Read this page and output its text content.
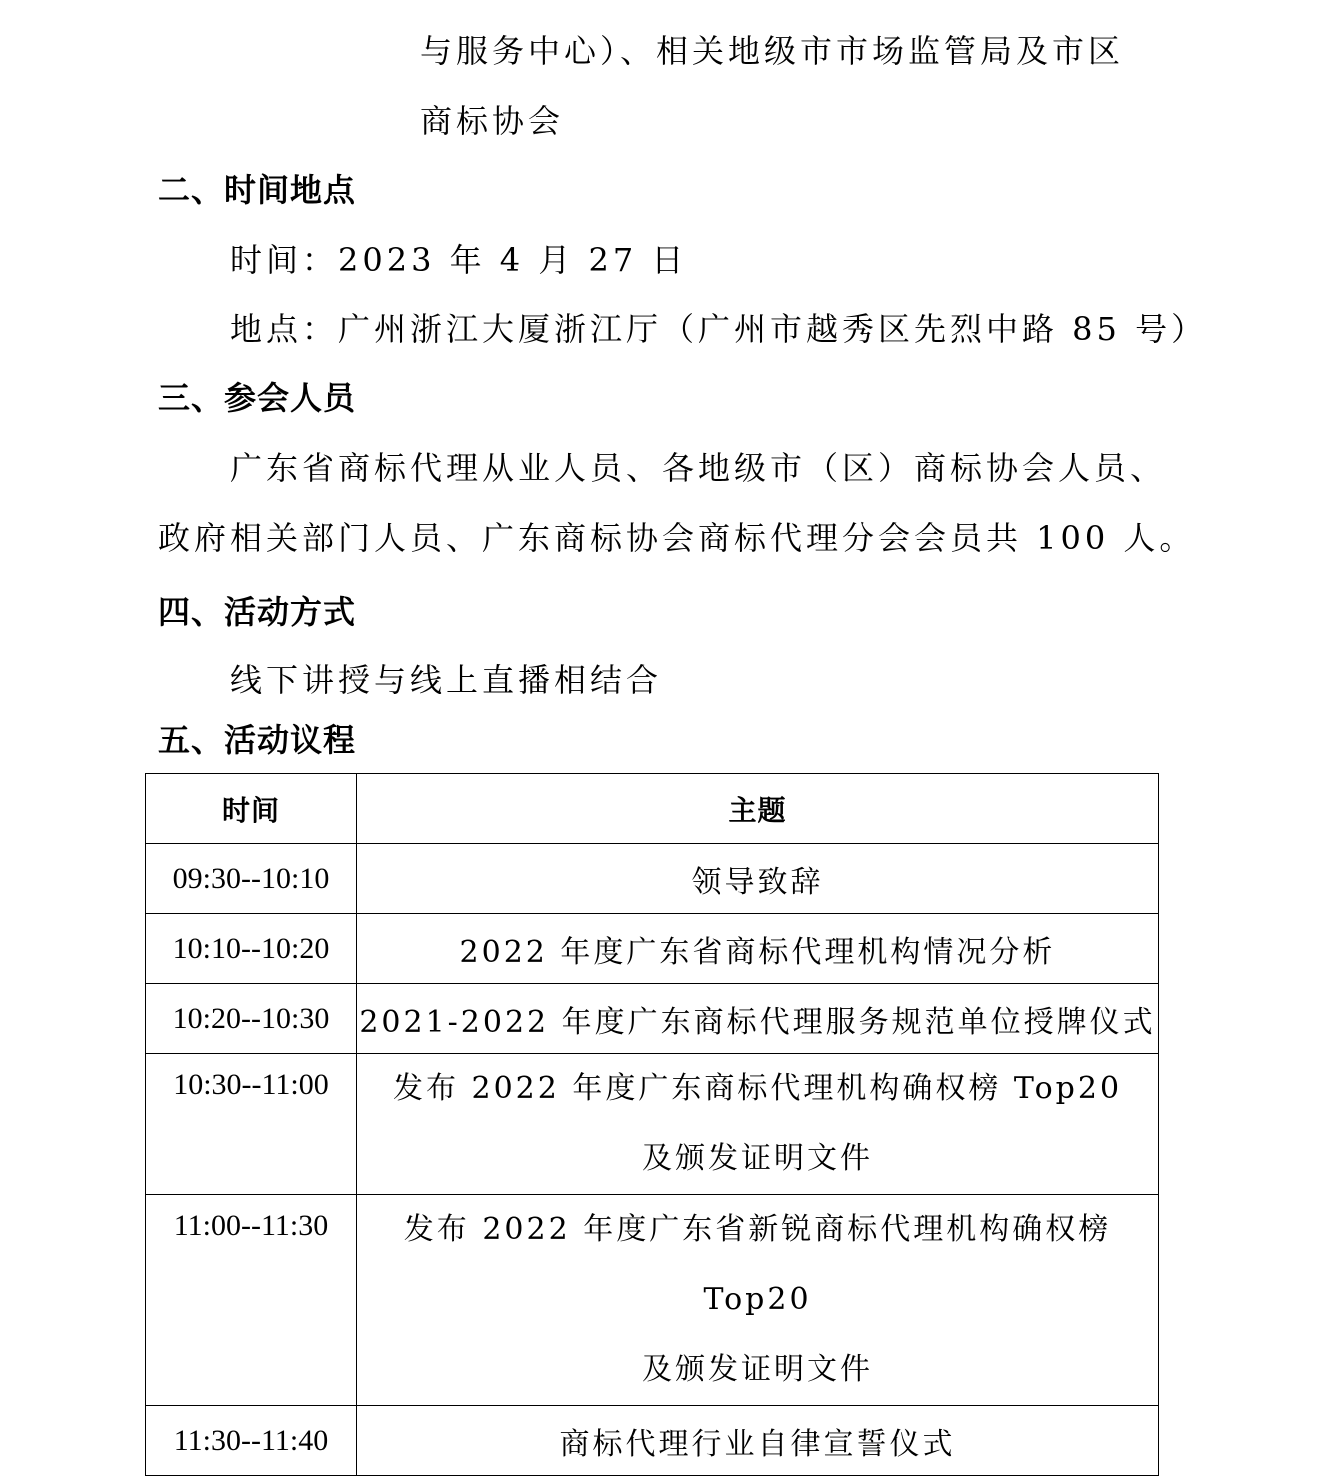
与服务中心）、相关地级市市场监管局及市区
商标协会
二、时间地点
时间：2023 年 4 月 27 日
地点：广州浙江大厦浙江厅（广州市越秀区先烈中路 85 号）
三、参会人员
广东省商标代理从业人员、各地级市（区）商标协会人员、
政府相关部门人员、广东商标协会商标代理分会会员共 100 人。
四、活动方式
线下讲授与线上直播相结合
五、活动议程
时间	主题
09:30--10:10	领导致辞
10:10--10:20	2022 年度广东省商标代理机构情况分析
10:20--10:30	2021-2022 年度广东商标代理服务规范单位授牌仪式
10:30--11:00	发布 2022 年度广东商标代理机构确权榜 Top20
及颁发证明文件

11:00--11:30	发布 2022 年度广东省新锐商标代理机构确权榜 Top20
及颁发证明文件

11:30--11:40	商标代理行业自律宣誓仪式
